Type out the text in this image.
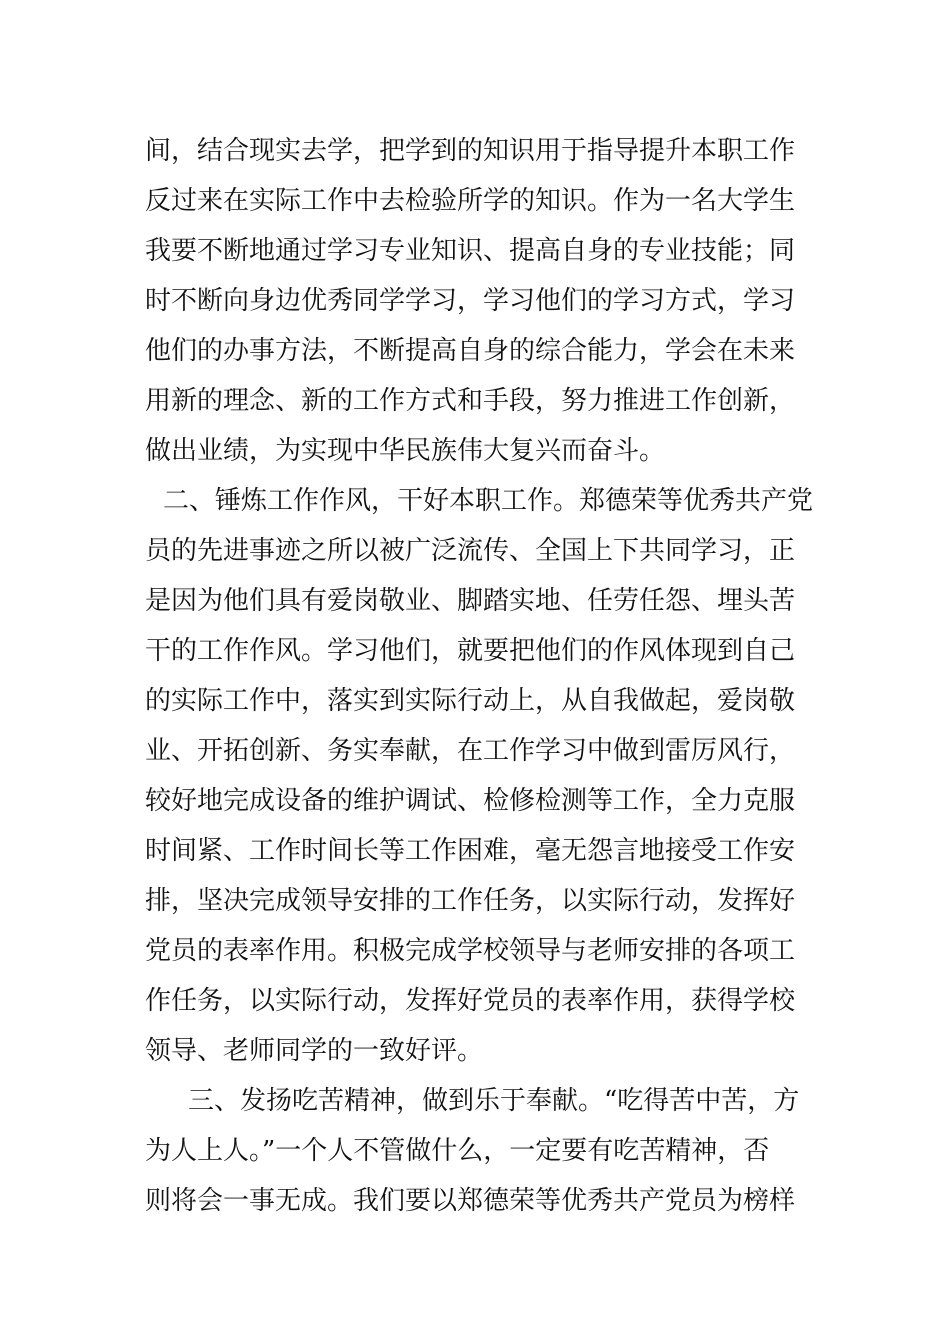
间，结合现实去学，把学到的知识用于指导提升本职工作
反过来在实际工作中去检验所学的知识。作为一名大学生
我要不断地通过学习专业知识、提高自身的专业技能；同
时不断向身边优秀同学学习，学习他们的学习方式，学习
他们的办事方法，不断提高自身的综合能力，学会在未来
用新的理念、新的工作方式和手段，努力推进工作创新，
做出业绩，为实现中华民族伟大复兴而奋斗。
二、锤炼工作作风，干好本职工作。郑德荣等优秀共产党
员的先进事迹之所以被广泛流传、全国上下共同学习，正
是因为他们具有爱岗敬业、脚踏实地、任劳任怨、埋头苦
干的工作作风。学习他们，就要把他们的作风体现到自己
的实际工作中，落实到实际行动上，从自我做起，爱岗敬
业、开拓创新、务实奉献，在工作学习中做到雷厉风行，
较好地完成设备的维护调试、检修检测等工作，全力克服
时间紧、工作时间长等工作困难，毫无怨言地接受工作安
排，坚决完成领导安排的工作任务，以实际行动，发挥好
党员的表率作用。积极完成学校领导与老师安排的各项工
作任务，以实际行动，发挥好党员的表率作用，获得学校
领导、老师同学的一致好评。
三、发扬吃苦精神，做到乐于奉献。“吃得苦中苦，方
为人上人。”一个人不管做什么，一定要有吃苦精神，否
则将会一事无成。我们要以郑德荣等优秀共产党员为榜样
